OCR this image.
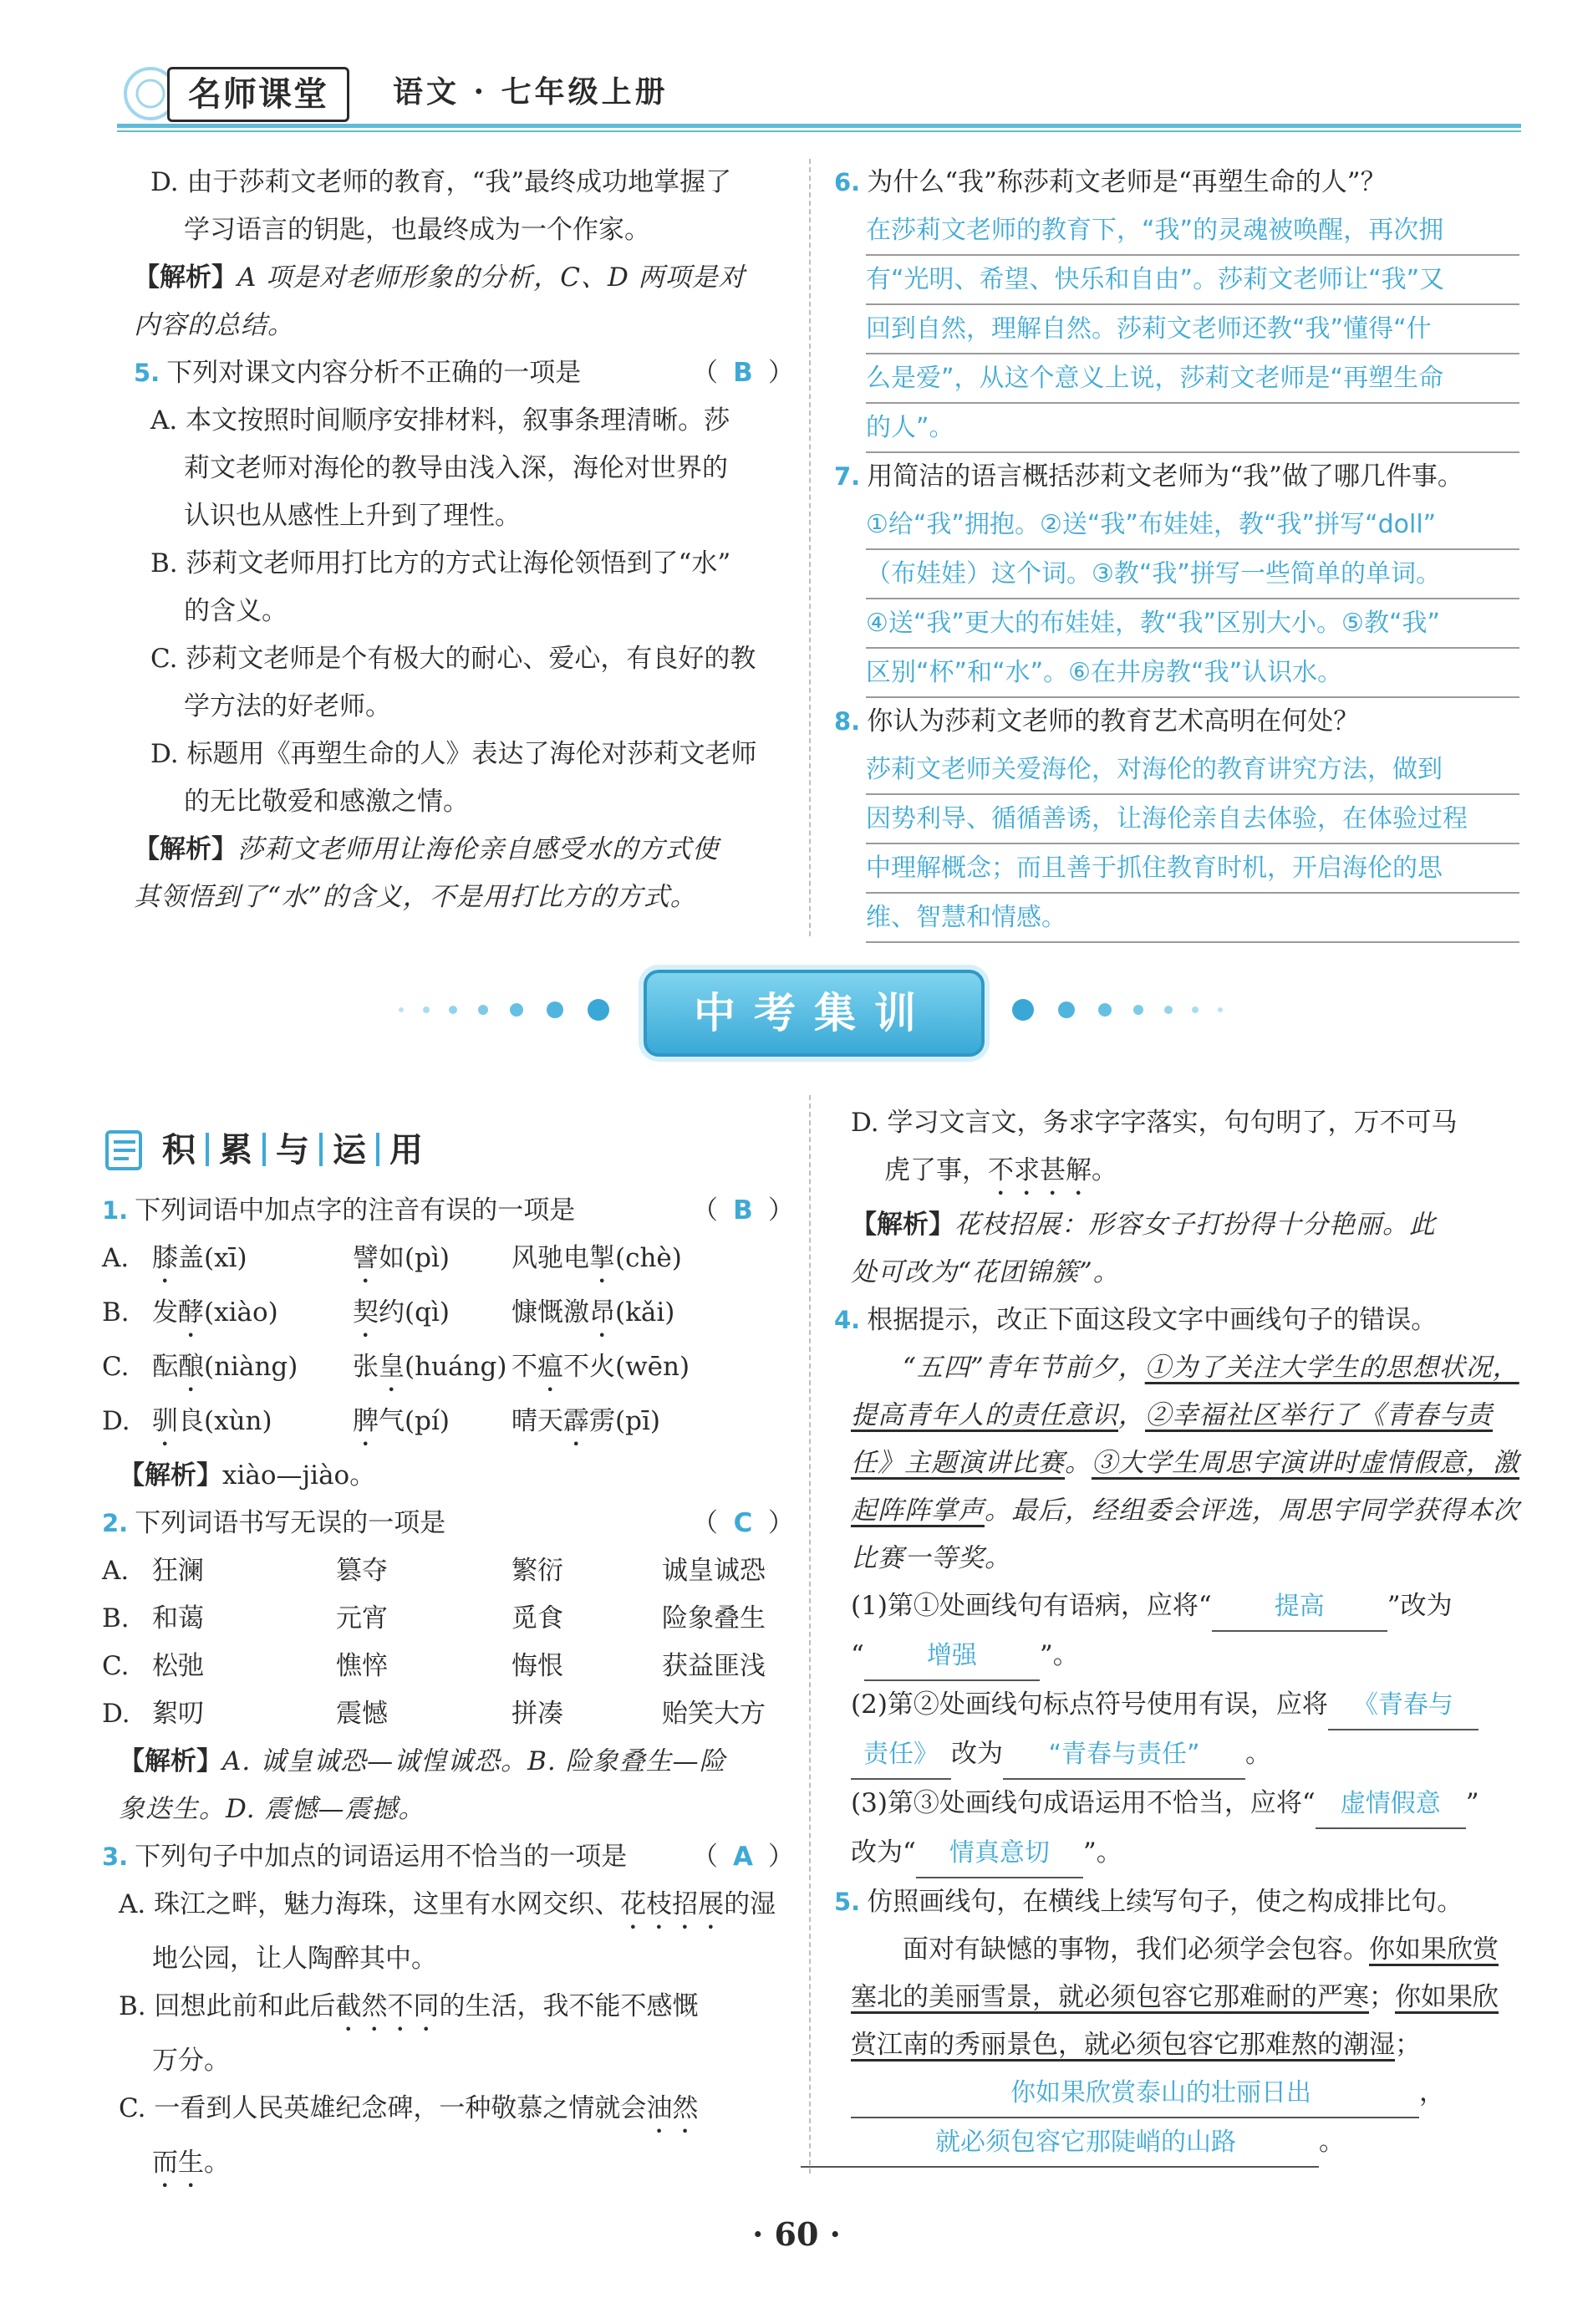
名师课堂	语文 · 七年级上册
D. 由于莎莉文老师的教育，“我”最终成功地掌握了
学习语言的钥匙，也最终成为一个作家。
【解析】A 项是对老师形象的分析，C、D 两项是对
内容的总结。
5. 下列对课文内容分析不正确的一项是	（ B ）
A. 本文按照时间顺序安排材料，叙事条理清晰。莎
莉文老师对海伦的教导由浅入深，海伦对世界的
认识也从感性上升到了理性。
B. 莎莉文老师用打比方的方式让海伦领悟到了“水”
的含义。
C. 莎莉文老师是个有极大的耐心、爱心，有良好的教
学方法的好老师。
D. 标题用《再塑生命的人》表达了海伦对莎莉文老师
的无比敬爱和感激之情。
【解析】莎莉文老师用让海伦亲自感受水的方式使
其领悟到了“水”的含义，不是用打比方的方式。
6. 为什么“我”称莎莉文老师是“再塑生命的人”？
在莎莉文老师的教育下，“我”的灵魂被唤醒，再次拥
有“光明、希望、快乐和自由”。莎莉文老师让“我”又
回到自然，理解自然。莎莉文老师还教“我”懂得“什
么是爱”，从这个意义上说，莎莉文老师是“再塑生命
的人”。
7. 用简洁的语言概括莎莉文老师为“我”做了哪几件事。
①给“我”拥抱。②送“我”布娃娃，教“我”拼写“doll”
（布娃娃）这个词。③教“我”拼写一些简单的单词。
④送“我”更大的布娃娃，教“我”区别大小。⑤教“我”
区别“杯”和“水”。⑥在井房教“我”认识水。
8. 你认为莎莉文老师的教育艺术高明在何处？
莎莉文老师关爱海伦，对海伦的教育讲究方法，做到
因势利导、循循善诱，让海伦亲自去体验，在体验过程
中理解概念；而且善于抓住教育时机，开启海伦的思
维、智慧和情感。
中考集训
积 累 与 运 用
1. 下列词语中加点字的注音有误的一项是	（ B ）
A. 膝盖(xī)	譬如(pì)	风驰电掣(chè)
B. 发酵(xiào)	契约(qì)	慷慨激昂(kǎi)
C. 酝酿(niàng)	张皇(huáng) 不瘟不火(wēn)
D. 驯良(xùn)	脾气(pí)	晴天霹雳(pī)
【解析】xiào—jiào。
2. 下列词语书写无误的一项是	（ C ）
A. 狂澜	篡夺	繁衍	诚皇诚恐
B. 和蔼	元宵	觅食	险象叠生
C. 松弛	憔悴	悔恨	获益匪浅
D. 絮叨	震憾	拼凑	贻笑大方
【解析】A. 诚皇诚恐—诚惶诚恐。B. 险象叠生—险
象迭生。D. 震憾—震撼。
3. 下列句子中加点的词语运用不恰当的一项是	（ A ）
A. 珠江之畔，魅力海珠，这里有水网交织、花枝招展的湿地公园，让人陶醉其中。
B. 回想此前和此后截然不同的生活，我不能不感慨
万分。
C. 一看到人民英雄纪念碑，一种敬慕之情就会油然
而生。
D. 学习文言文，务求字字落实，句句明了，万不可马
虎了事，不求甚解。
【解析】花枝招展：形容女子打扮得十分艳丽。此
处可改为“花团锦簇”。
4. 根据提示，改正下面这段文字中画线句子的错误。
“五四”青年节前夕，①为了关注大学生的思想状况，提高青年人的责任意识，②幸福社区举行了《青春与责任》主题演讲比赛。③大学生周思宇演讲时虚情假意，激起阵阵掌声。最后，经组委会评选，周思宇同学获得本次比赛一等奖。
(1)第①处画线句有语病，应将“	提高 ”改为
“	增强 ”。
(2)第②处画线句标点符号使用有误，应将 《青春与
责任》 改为 “青春与责任” 。
(3)第③处画线句成语运用不恰当，应将“ 虚情假意 ”
改为“ 情真意切 ”。
5. 仿照画线句，在横线上续写句子，使之构成排比句。
面对有缺憾的事物，我们必须学会包容。你如果欣赏塞北的美丽雪景，就必须包容它那难耐的严寒；你如果欣赏江南的秀丽景色，就必须包容它那难熬的潮湿；你如果欣赏泰山的壮丽日出	，
就必须包容它那陡峭的山路	。
· 60 ·
